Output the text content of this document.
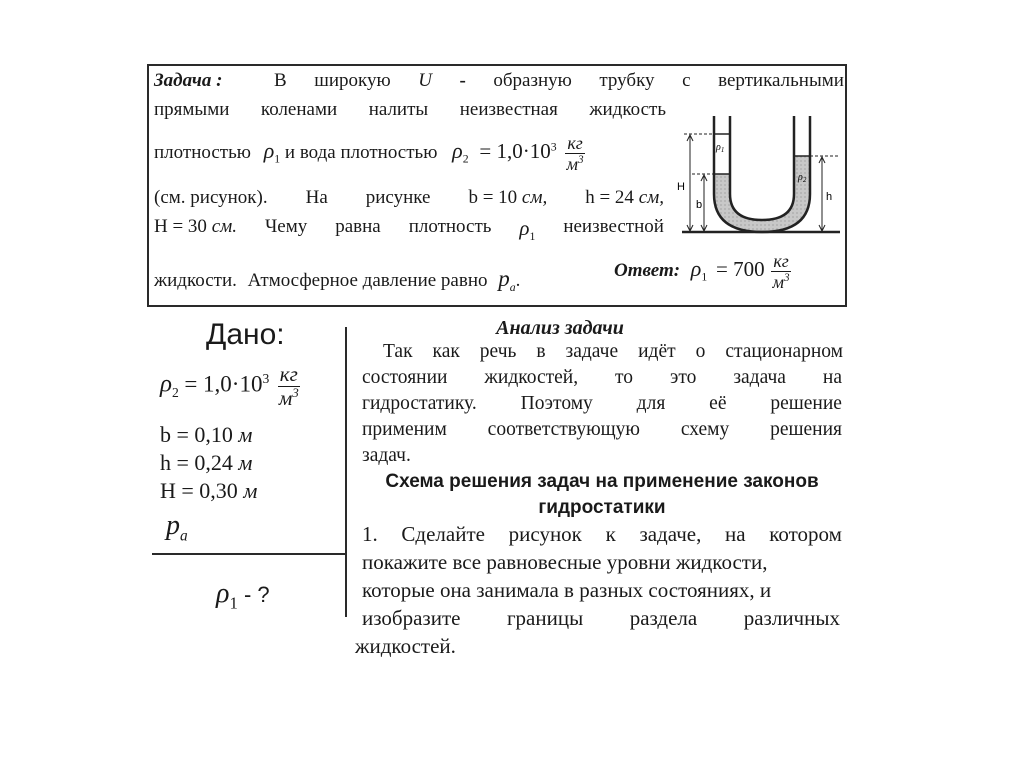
Задача :	В широкую U - образную трубку с вертикальными
прямыми коленами налиты неизвестная жидкость
плотностью $\rho_1$ и вода плотностью $\rho_2 = 1,0\cdot 10^3 \frac{кг}{м^3}$
(см. рисунок). На рисунке b = 10 см, h = 24 см,
H = 30 см. Чему равна плотность $\rho_1$ неизвестной
жидкости. Атмосферное давление равно $p_a$.	Ответ: $\rho_1 = 700 \frac{кг}{м^3}$
H
b
h
$\rho_1$
$\rho_2$
Дано:
$\rho_2 = 1,0\cdot 10^3 \frac{кг}{м^3}$
b = 0,10 м
h = 0,24 м
H = 0,30 м
$p_а$
$\rho_1$ - ?
Анализ задачи
Так как речь в задаче идёт о стационарном
состоянии жидкостей, то это задача на
гидростатику. Поэтому для её решение
применим соответствующую схему решения
задач.
Схема решения задач на применение законов
гидростатики
1. Сделайте рисунок к задаче, на котором
покажите все равновесные уровни жидкости,
которые она занимала в разных состояниях, и
изобразите границы раздела различных
жидкостей.
